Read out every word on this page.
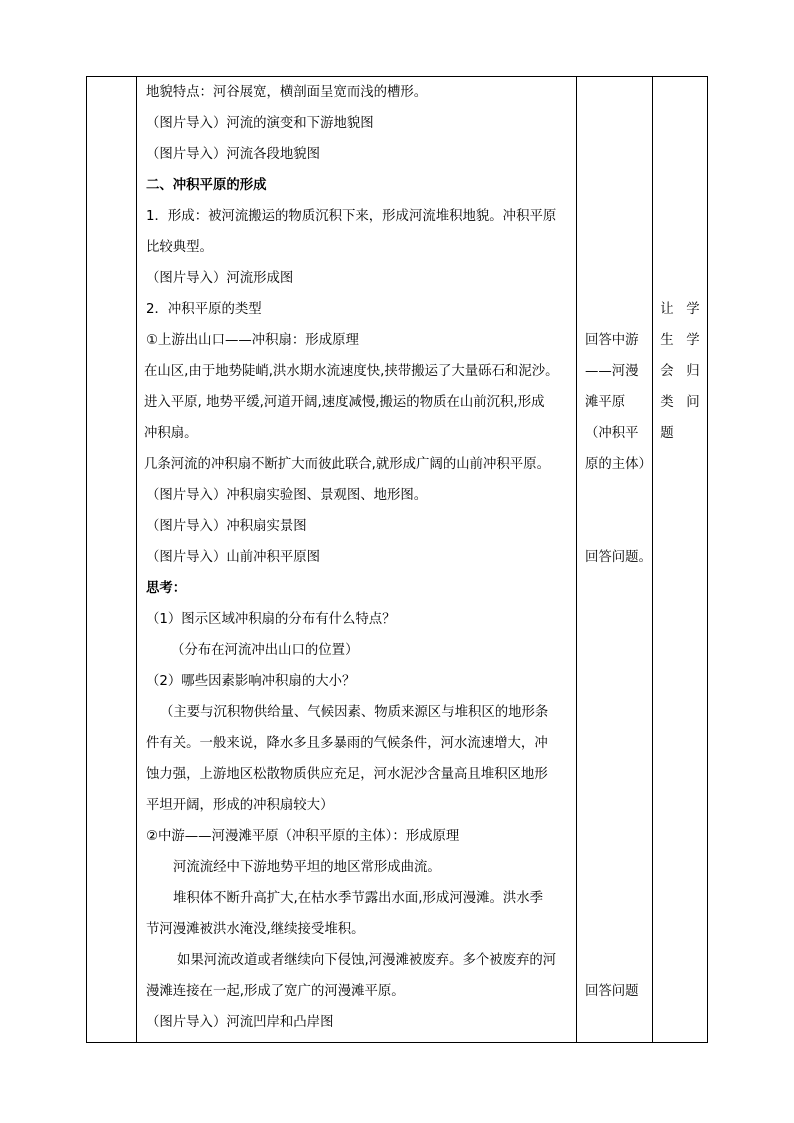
地貌特点：河谷展宽，横剖面呈宽而浅的槽形。
（图片导入）河流的演变和下游地貌图
（图片导入）河流各段地貌图
二、冲积平原的形成
1．形成：被河流搬运的物质沉积下来，形成河流堆积地貌。冲积平原
比较典型。
（图片导入）河流形成图
2．冲积平原的类型
①上游出山口——冲积扇：形成原理
在山区,由于地势陡峭,洪水期水流速度快,挟带搬运了大量砾石和泥沙。
进入平原, 地势平缓,河道开阔,速度减慢,搬运的物质在山前沉积,形成
冲积扇。
几条河流的冲积扇不断扩大而彼此联合,就形成广阔的山前冲积平原。
（图片导入）冲积扇实验图、景观图、地形图。
（图片导入）冲积扇实景图
（图片导入）山前冲积平原图
思考：
（1）图示区域冲积扇的分布有什么特点？
（分布在河流冲出山口的位置）
（2）哪些因素影响冲积扇的大小？
（主要与沉积物供给量、气候因素、物质来源区与堆积区的地形条
件有关。一般来说，降水多且多暴雨的气候条件，河水流速增大，冲
蚀力强，上游地区松散物质供应充足，河水泥沙含量高且堆积区地形
平坦开阔，形成的冲积扇较大）
②中游——河漫滩平原（冲积平原的主体）：形成原理
河流流经中下游地势平坦的地区常形成曲流。
堆积体不断升高扩大,在枯水季节露出水面,形成河漫滩。洪水季
节河漫滩被洪水淹没,继续接受堆积。
如果河流改道或者继续向下侵蚀,河漫滩被废弃。多个被废弃的河
漫滩连接在一起,形成了宽广的河漫滩平原。
（图片导入）河流凹岸和凸岸图
回答中游
——河漫
滩平原
（冲积平
原的主体）
回答问题。
回答问题
让
生
会
类
题
学
学
归
问
